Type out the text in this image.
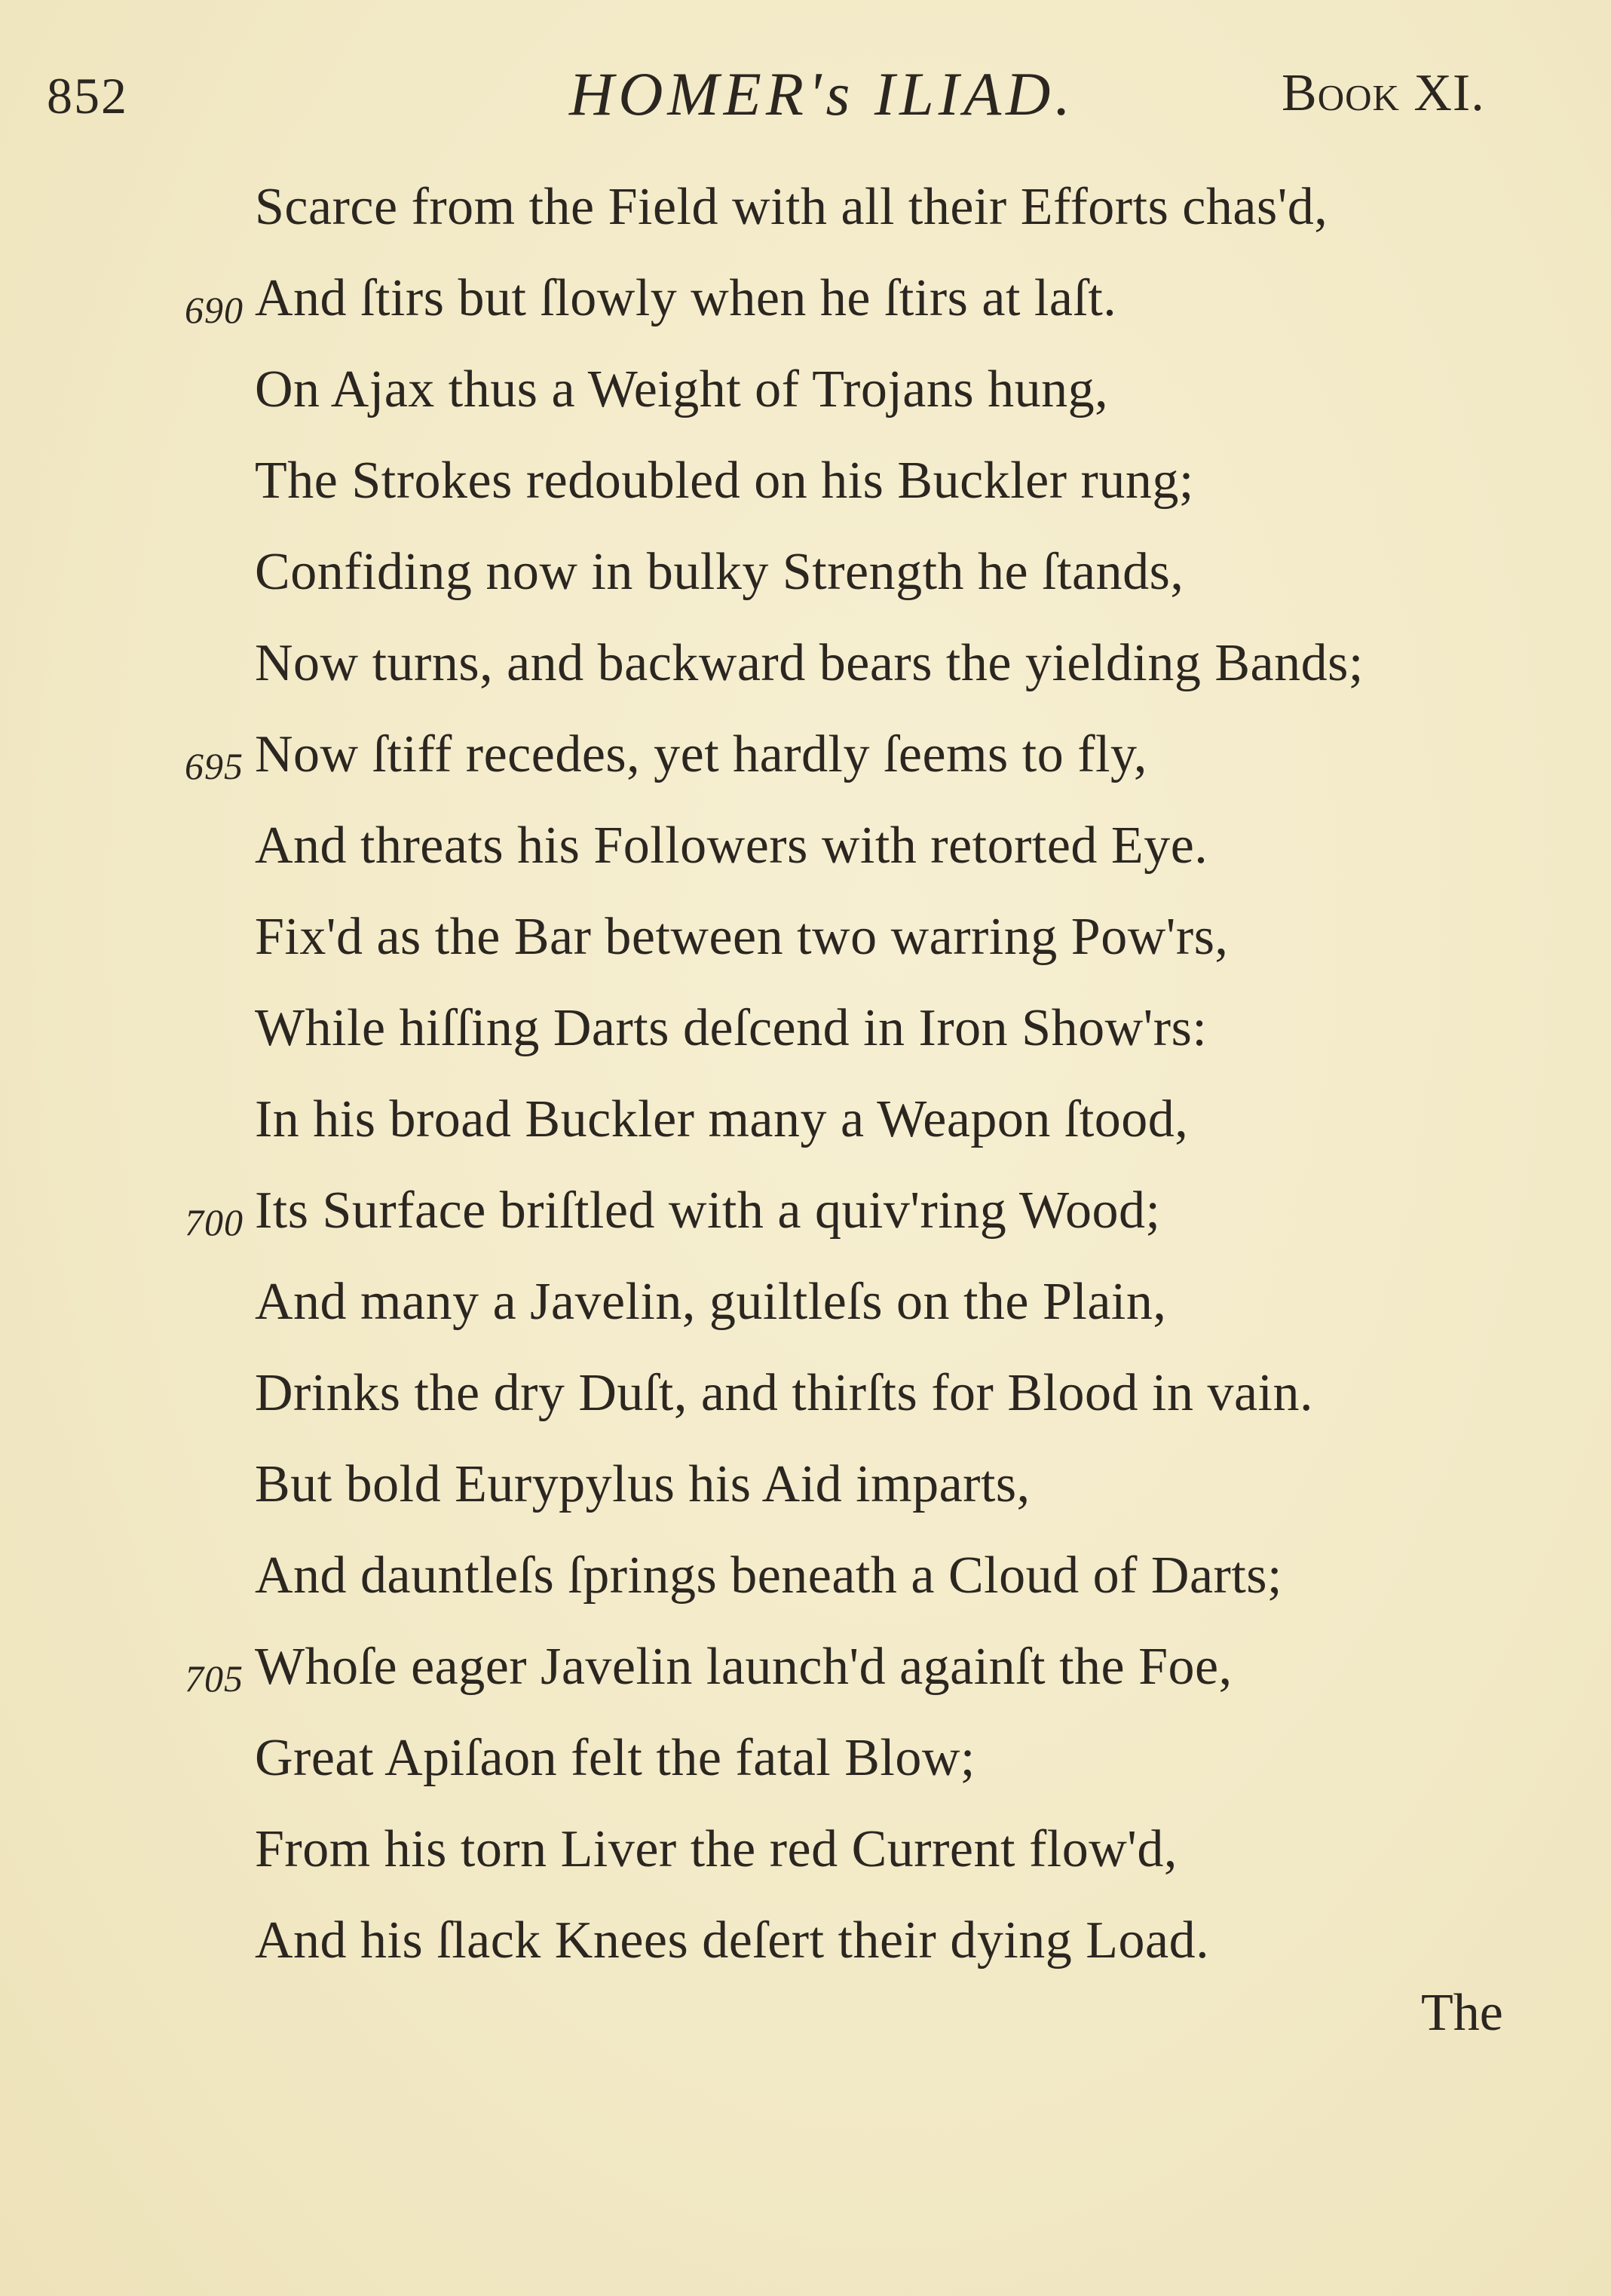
852	HOMER's ILIAD.	Book XI.
Scarce from the Field with all their Efforts chas'd,
690 And ſtirs but ſlowly when he ſtirs at laſt.
On Ajax thus a Weight of Trojans hung,
The Strokes redoubled on his Buckler rung;
Confiding now in bulky Strength he ſtands,
Now turns, and backward bears the yielding Bands;
695 Now ſtiff recedes, yet hardly ſeems to fly,
And threats his Followers with retorted Eye.
Fix'd as the Bar between two warring Pow'rs,
While hiſſing Darts deſcend in Iron Show'rs:
In his broad Buckler many a Weapon ſtood,
700 Its Surface briſtled with a quiv'ring Wood;
And many a Javelin, guiltleſs on the Plain,
Drinks the dry Duſt, and thirſts for Blood in vain.
But bold Eurypylus his Aid imparts,
And dauntleſs ſprings beneath a Cloud of Darts;
705 Whoſe eager Javelin launch'd againſt the Foe,
Great Apiſaon felt the fatal Blow;
From his torn Liver the red Current flow'd,
And his ſlack Knees deſert their dying Load.
The
